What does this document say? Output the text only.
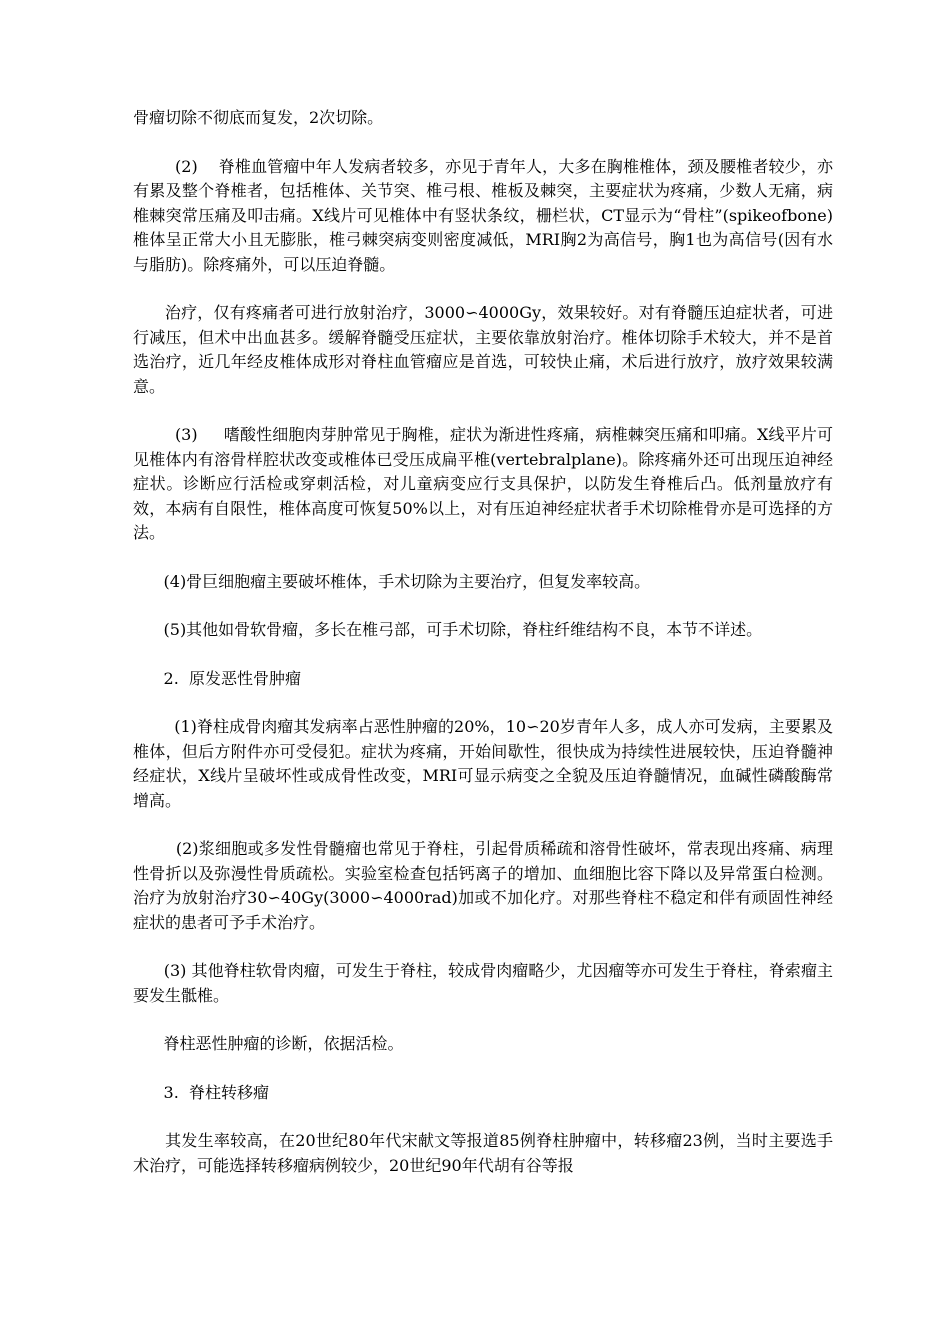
骨瘤切除不彻底而复发，2次切除。

(2)    脊椎血管瘤中年人发病者较多，亦见于青年人，大多在胸椎椎体，颈及腰椎者较少，亦有累及整个脊椎者，包括椎体、关节突、椎弓根、椎板及棘突，主要症状为疼痛，少数人无痛，病椎棘突常压痛及叩击痛。X线片可见椎体中有竖状条纹，栅栏状，CT显示为“骨柱”(spikeofbone)椎体呈正常大小且无膨胀，椎弓棘突病变则密度减低，MRI胸2为高信号，胸1也为高信号(因有水与脂肪)。除疼痛外，可以压迫脊髓。

治疗，仅有疼痛者可进行放射治疗，3000∽4000Gy，效果较好。对有脊髓压迫症状者，可进行减压，但术中出血甚多。缓解脊髓受压症状，主要依靠放射治疗。椎体切除手术较大，并不是首选治疗，近几年经皮椎体成形对脊柱血管瘤应是首选，可较快止痛，术后进行放疗，放疗效果较满意。

(3)     嗜酸性细胞肉芽肿常见于胸椎，症状为渐进性疼痛，病椎棘突压痛和叩痛。X线平片可见椎体内有溶骨样腔状改变或椎体已受压成扁平椎(vertebralplane)。除疼痛外还可出现压迫神经症状。诊断应行活检或穿刺活检，对儿童病变应行支具保护，以防发生脊椎后凸。低剂量放疗有效，本病有自限性，椎体高度可恢复50%以上，对有压迫神经症状者手术切除椎骨亦是可选择的方法。

(4)骨巨细胞瘤主要破坏椎体，手术切除为主要治疗，但复发率较高。

(5)其他如骨软骨瘤，多长在椎弓部，可手术切除，脊柱纤维结构不良，本节不详述。

2.  原发恶性骨肿瘤

(1)脊柱成骨肉瘤其发病率占恶性肿瘤的20%，10∽20岁青年人多，成人亦可发病，主要累及椎体，但后方附件亦可受侵犯。症状为疼痛，开始间歇性，很快成为持续性进展较快，压迫脊髓神经症状，X线片呈破坏性或成骨性改变，MRI可显示病变之全貌及压迫脊髓情况，血碱性磷酸酶常增高。

(2)浆细胞或多发性骨髓瘤也常见于脊柱，引起骨质稀疏和溶骨性破坏，常表现出疼痛、病理性骨折以及弥漫性骨质疏松。实验室检查包括钙离子的增加、血细胞比容下降以及异常蛋白检测。治疗为放射治疗30∽40Gy(3000∽4000rad)加或不加化疗。对那些脊柱不稳定和伴有顽固性神经症状的患者可予手术治疗。

(3) 其他脊柱软骨肉瘤，可发生于脊柱，较成骨肉瘤略少，尤因瘤等亦可发生于脊柱，脊索瘤主要发生骶椎。

脊柱恶性肿瘤的诊断，依据活检。

3.  脊柱转移瘤

其发生率较高，在20世纪80年代宋献文等报道85例脊柱肿瘤中，转移瘤23例，当时主要选手术治疗，可能选择转移瘤病例较少，20世纪90年代胡有谷等报
